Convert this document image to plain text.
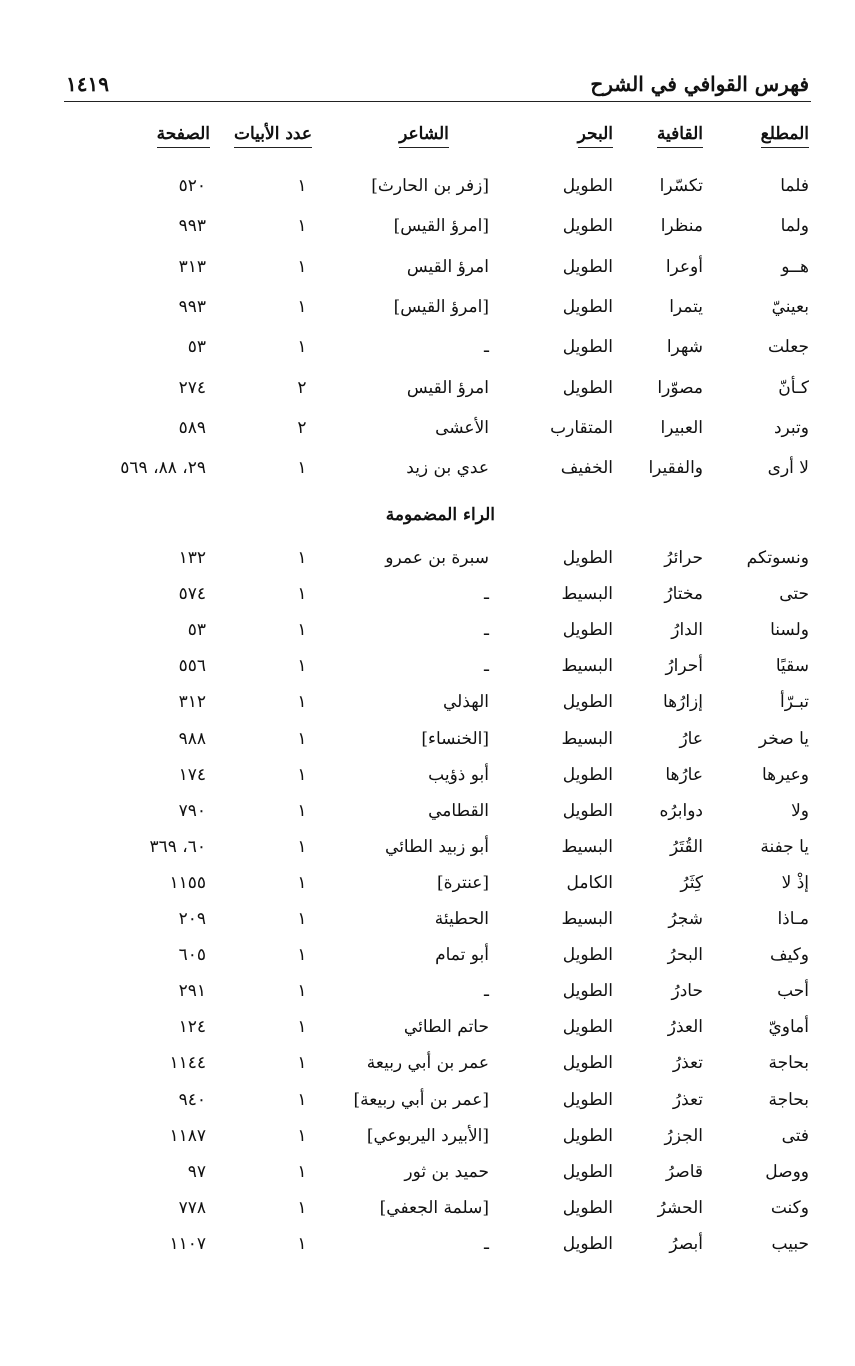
فهرس القوافي في الشرح
١٤١٩
المطلع
القافية
البحر
الشاعر
عدد الأبيات
الصفحة
فلما
تكسّرا
الطويل
[زفر بن الحارث]
١
٥٢٠
ولما
منظرا
الطويل
[امرؤ القيس]
١
٩٩٣
هــو
أوعرا
الطويل
امرؤ القيس
١
٣١٣
بعينيّ
يتمرا
الطويل
[امرؤ القيس]
١
٩٩٣
جعلت
شهرا
الطويل
ـ
١
٥٣
كـأنّ
مصوّرا
الطويل
امرؤ القيس
٢
٢٧٤
وتبرد
العبيرا
المتقارب
الأعشى
٢
٥٨٩
لا أرى
والفقيرا
الخفيف
عدي بن زيد
١
٢٩، ٨٨، ٥٦٩
الراء المضمومة
ونسوتكم
حرائرُ
الطويل
سبرة بن عمرو
١
١٣٢
حتى
مختارُ
البسيط
ـ
١
٥٧٤
ولسنا
الدارُ
الطويل
ـ
١
٥٣
سقيًا
أحرارُ
البسيط
ـ
١
٥٥٦
تبـرّأ
إزارُها
الطويل
الهذلي
١
٣١٢
يا صخر
عارُ
البسيط
[الخنساء]
١
٩٨٨
وعيرها
عارُها
الطويل
أبو ذؤيب
١
١٧٤
ولا
دوابرُه
الطويل
القطامي
١
٧٩٠
يا جفنة
القُتَرُ
البسيط
أبو زبيد الطائي
١
٦٠، ٣٦٩
إذْ لا
كِثَرُ
الكامل
[عنترة]
١
١١٥٥
مـاذا
شجرُ
البسيط
الحطيئة
١
٢٠٩
وكيف
البحرُ
الطويل
أبو تمام
١
٦٠٥
أحب
حادرُ
الطويل
ـ
١
٢٩١
أماويّ
العذرُ
الطويل
حاتم الطائي
١
١٢٤
بحاجة
تعذرُ
الطويل
عمر بن أبي ربيعة
١
١١٤٤
بحاجة
تعذرُ
الطويل
[عمر بن أبي ربيعة]
١
٩٤٠
فتى
الجزرُ
الطويل
[الأبيرد اليربوعي]
١
١١٨٧
ووصل
قاصرُ
الطويل
حميد بن ثور
١
٩٧
وكنت
الحشرُ
الطويل
[سلمة الجعفي]
١
٧٧٨
حبيب
أبصرُ
الطويل
ـ
١
١١٠٧
